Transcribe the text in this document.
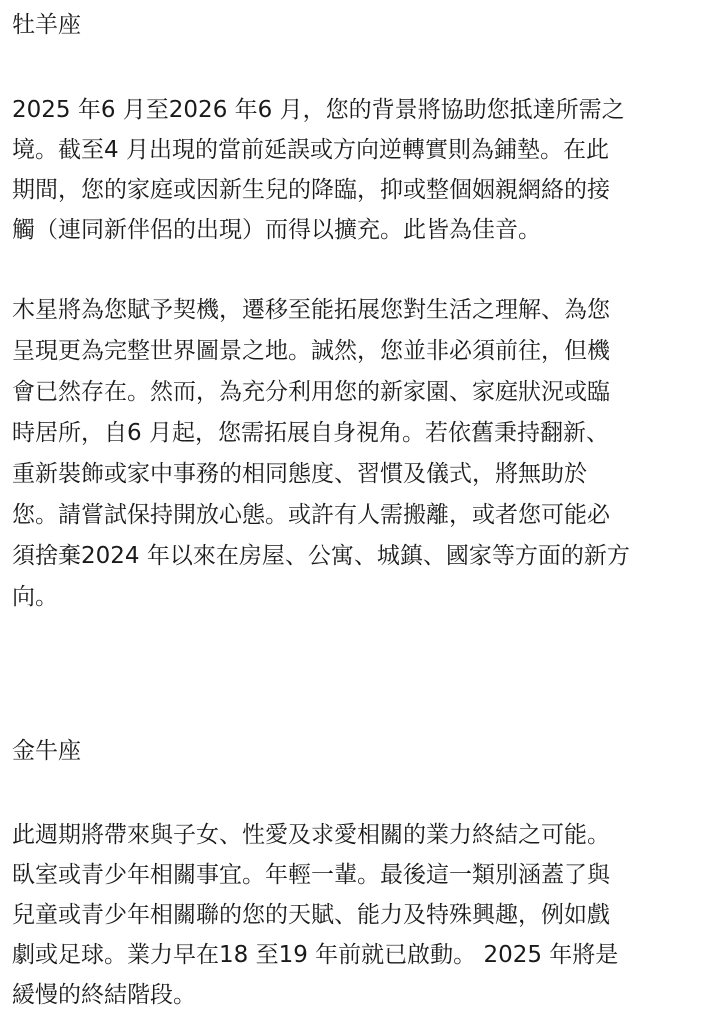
牡羊座
2025 年6 月至2026 年6 月，您的背景將協助您抵達所需之
境。截至4 月出現的當前延誤或方向逆轉實則為鋪墊。在此
期間，您的家庭或因新生兒的降臨，抑或整個姻親網絡的接
觸（連同新伴侶的出現）而得以擴充。此皆為佳音。
木星將為您賦予契機，遷移至能拓展您對生活之理解、為您
呈現更為完整世界圖景之地。誠然，您並非必須前往，但機
會已然存在。然而，為充分利用您的新家園、家庭狀況或臨
時居所，自6 月起，您需拓展自身視角。若依舊秉持翻新、
重新裝飾或家中事務的相同態度、習慣及儀式，將無助於
您。請嘗試保持開放心態。或許有人需搬離，或者您可能必
須捨棄2024 年以來在房屋、公寓、城鎮、國家等方面的新方
向。
金牛座
此週期將帶來與子女、性愛及求愛相關的業力終結之可能。
臥室或青少年相關事宜。年輕一輩。最後這一類別涵蓋了與
兒童或青少年相關聯的您的天賦、能力及特殊興趣，例如戲
劇或足球。業力早在18 至19 年前就已啟動。 2025 年將是
緩慢的終結階段。
